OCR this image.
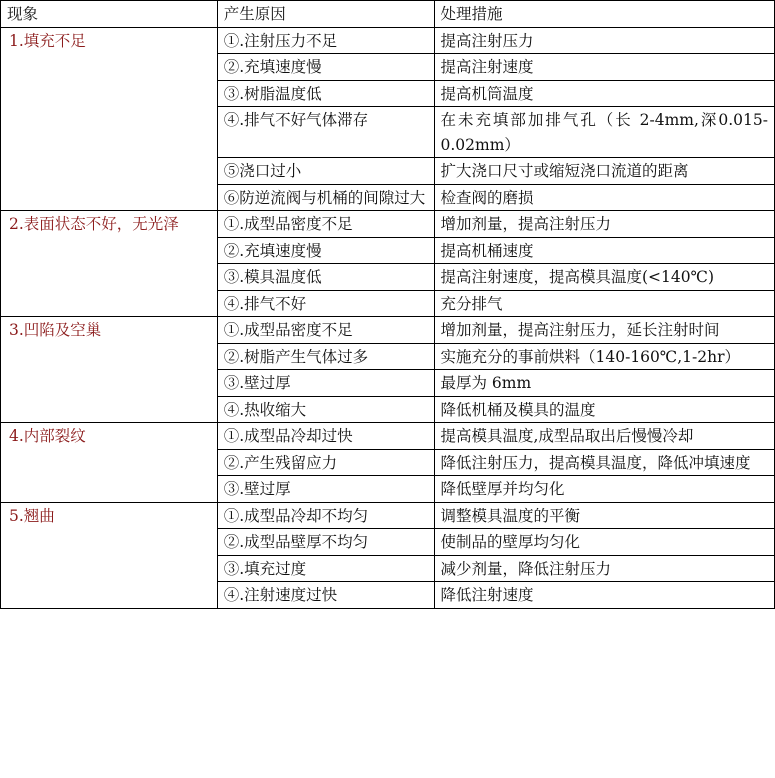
现象	产生原因	处理措施
1.填充不足	①.注射压力不足	提高注射压力
	②.充填速度慢	提高注射速度
	③.树脂温度低	提高机筒温度
	④.排气不好气体滞存	在未充填部加排气孔（长 2-4mm,深0.015-0.02mm）
	⑤浇口过小	扩大浇口尺寸或缩短浇口流道的距离
	⑥防逆流阀与机桶的间隙过大	检查阀的磨损
2.表面状态不好，无光泽	①.成型品密度不足	增加剂量，提高注射压力
	②.充填速度慢	提高机桶速度
	③.模具温度低	提高注射速度，提高模具温度(<140℃)
	④.排气不好	充分排气
3.凹陷及空巢	①.成型品密度不足	增加剂量，提高注射压力，延长注射时间
	②.树脂产生气体过多	实施充分的事前烘料（140-160℃,1-2hr）
	③.壁过厚	最厚为 6mm
	④.热收缩大	降低机桶及模具的温度
4.内部裂纹	①.成型品冷却过快	提高模具温度,成型品取出后慢慢冷却
	②.产生残留应力	降低注射压力，提高模具温度，降低冲填速度
	③.壁过厚	降低壁厚并均匀化
5.翘曲	①.成型品冷却不均匀	调整模具温度的平衡
	②.成型品壁厚不均匀	使制品的壁厚均匀化
	③.填充过度	减少剂量，降低注射压力
	④.注射速度过快	降低注射速度
